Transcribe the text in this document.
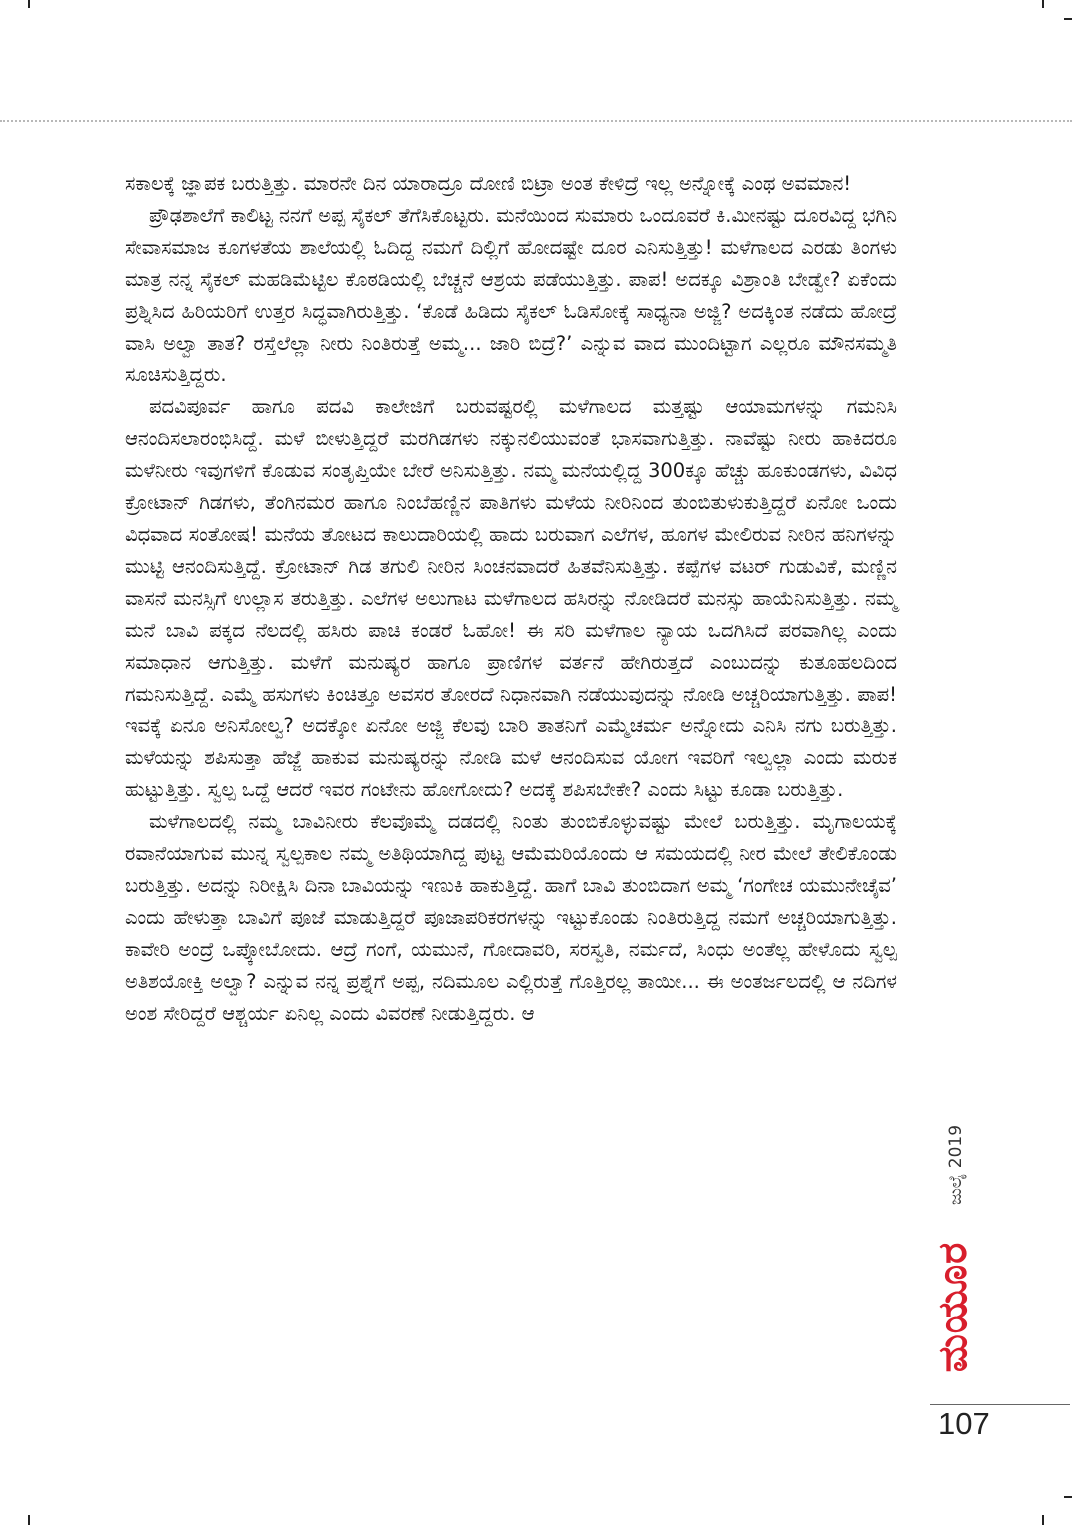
ಸಕಾಲಕ್ಕೆ ಜ್ಞಾಪಕ ಬರುತ್ತಿತ್ತು. ಮಾರನೇ ದಿನ ಯಾರಾದ್ರೂ ದೋಣಿ ಬಿಟ್ರಾ ಅಂತ ಕೇಳಿದ್ರೆ ಇಲ್ಲ ಅನ್ನೋಕ್ಕೆ ಎಂಥ ಅವಮಾನ!

ಪ್ರೌಢಶಾಲೆಗೆ ಕಾಲಿಟ್ಟ ನನಗೆ ಅಪ್ಪ ಸೈಕಲ್ ತೆಗೆಸಿಕೊಟ್ಟರು. ಮನೆಯಿಂದ ಸುಮಾರು ಒಂದೂವರೆ ಕಿ.ಮೀನಷ್ಟು ದೂರವಿದ್ದ ಭಗಿನಿ ಸೇವಾಸಮಾಜ ಕೂಗಳತೆಯ ಶಾಲೆಯಲ್ಲಿ ಓದಿದ್ದ ನಮಗೆ ದಿಲ್ಲಿಗೆ ಹೋದಷ್ಟೇ ದೂರ ಎನಿಸುತ್ತಿತ್ತು! ಮಳೆಗಾಲದ ಎರಡು ತಿಂಗಳು ಮಾತ್ರ ನನ್ನ ಸೈಕಲ್ ಮಹಡಿಮೆಟ್ಟಿಲ ಕೊಠಡಿಯಲ್ಲಿ ಬೆಚ್ಚನೆ ಆಶ್ರಯ ಪಡೆಯುತ್ತಿತ್ತು. ಪಾಪ! ಅದಕ್ಕೂ ವಿಶ್ರಾಂತಿ ಬೇಡ್ವೇ? ಏಕೆಂದು ಪ್ರಶ್ನಿಸಿದ ಹಿರಿಯರಿಗೆ ಉತ್ತರ ಸಿದ್ಧವಾಗಿರುತ್ತಿತ್ತು. ‘ಕೊಡೆ ಹಿಡಿದು ಸೈಕಲ್ ಓಡಿಸೋಕ್ಕೆ ಸಾಧ್ಯನಾ ಅಜ್ಜಿ? ಅದಕ್ಕಿಂತ ನಡೆದು ಹೋದ್ರೆ ವಾಸಿ ಅಲ್ವಾ ತಾತ? ರಸ್ತೆಲೆಲ್ಲಾ ನೀರು ನಿಂತಿರುತ್ತೆ ಅಮ್ಮ... ಜಾರಿ ಬಿದ್ರೆ?’ ಎನ್ನುವ ವಾದ ಮುಂದಿಟ್ಟಾಗ ಎಲ್ಲರೂ ಮೌನಸಮ್ಮತಿ ಸೂಚಿಸುತ್ತಿದ್ದರು.

ಪದವಿಪೂರ್ವ ಹಾಗೂ ಪದವಿ ಕಾಲೇಜಿಗೆ ಬರುವಷ್ಟರಲ್ಲಿ ಮಳೆಗಾಲದ ಮತ್ತಷ್ಟು ಆಯಾಮಗಳನ್ನು ಗಮನಿಸಿ ಆನಂದಿಸಲಾರಂಭಿಸಿದ್ದೆ. ಮಳೆ ಬೀಳುತ್ತಿದ್ದರೆ ಮರಗಿಡಗಳು ನಕ್ಕುನಲಿಯುವಂತೆ ಭಾಸವಾಗುತ್ತಿತ್ತು. ನಾವೆಷ್ಟು ನೀರು ಹಾಕಿದರೂ ಮಳೆನೀರು ಇವುಗಳಿಗೆ ಕೊಡುವ ಸಂತೃಪ್ತಿಯೇ ಬೇರೆ ಅನಿಸುತ್ತಿತ್ತು. ನಮ್ಮ ಮನೆಯಲ್ಲಿದ್ದ 300ಕ್ಕೂ ಹೆಚ್ಚು ಹೂಕುಂಡಗಳು, ವಿವಿಧ ಕ್ರೋಟಾನ್ ಗಿಡಗಳು, ತೆಂಗಿನಮರ ಹಾಗೂ ನಿಂಬೆಹಣ್ಣಿನ ಪಾತಿಗಳು ಮಳೆಯ ನೀರಿನಿಂದ ತುಂಬಿತುಳುಕುತ್ತಿದ್ದರೆ ಏನೋ ಒಂದು ವಿಧವಾದ ಸಂತೋಷ! ಮನೆಯ ತೋಟದ ಕಾಲುದಾರಿಯಲ್ಲಿ ಹಾದು ಬರುವಾಗ ಎಲೆಗಳ, ಹೂಗಳ ಮೇಲಿರುವ ನೀರಿನ ಹನಿಗಳನ್ನು ಮುಟ್ಟಿ ಆನಂದಿಸುತ್ತಿದ್ದೆ. ಕ್ರೋಟಾನ್ ಗಿಡ ತಗುಲಿ ನೀರಿನ ಸಿಂಚನವಾದರೆ ಹಿತವೆನಿಸುತ್ತಿತ್ತು. ಕಪ್ಪೆಗಳ ವಟರ್ ಗುಡುವಿಕೆ, ಮಣ್ಣಿನ ವಾಸನೆ ಮನಸ್ಸಿಗೆ ಉಲ್ಲಾಸ ತರುತ್ತಿತ್ತು. ಎಲೆಗಳ ಅಲುಗಾಟ ಮಳೆಗಾಲದ ಹಸಿರನ್ನು ನೋಡಿದರೆ ಮನಸ್ಸು ಹಾಯೆನಿಸುತ್ತಿತ್ತು. ನಮ್ಮ ಮನೆ ಬಾವಿ ಪಕ್ಕದ ನೆಲದಲ್ಲಿ ಹಸಿರು ಪಾಚಿ ಕಂಡರೆ ಓಹೋ! ಈ ಸರಿ ಮಳೆಗಾಲ ನ್ಯಾಯ ಒದಗಿಸಿದೆ ಪರವಾಗಿಲ್ಲ ಎಂದು ಸಮಾಧಾನ ಆಗುತ್ತಿತ್ತು. ಮಳೆಗೆ ಮನುಷ್ಯರ ಹಾಗೂ ಪ್ರಾಣಿಗಳ ವರ್ತನೆ ಹೇಗಿರುತ್ತದೆ ಎಂಬುದನ್ನು ಕುತೂಹಲದಿಂದ ಗಮನಿಸುತ್ತಿದ್ದೆ. ಎಮ್ಮೆ ಹಸುಗಳು ಕಿಂಚಿತ್ತೂ ಅವಸರ ತೋರದೆ ನಿಧಾನವಾಗಿ ನಡೆಯುವುದನ್ನು ನೋಡಿ ಅಚ್ಚರಿಯಾಗುತ್ತಿತ್ತು. ಪಾಪ! ಇವಕ್ಕೆ ಏನೂ ಅನಿಸೋಲ್ವ? ಅದಕ್ಕೋ ಏನೋ ಅಜ್ಜಿ ಕೆಲವು ಬಾರಿ ತಾತನಿಗೆ ಎಮ್ಮೆಚರ್ಮ ಅನ್ನೋದು ಎನಿಸಿ ನಗು ಬರುತ್ತಿತ್ತು. ಮಳೆಯನ್ನು ಶಪಿಸುತ್ತಾ ಹೆಜ್ಜೆ ಹಾಕುವ ಮನುಷ್ಯರನ್ನು ನೋಡಿ ಮಳೆ ಆನಂದಿಸುವ ಯೋಗ ಇವರಿಗೆ ಇಲ್ವಲ್ಲಾ ಎಂದು ಮರುಕ ಹುಟ್ಟುತ್ತಿತ್ತು. ಸ್ವಲ್ಪ ಒದ್ದೆ ಆದರೆ ಇವರ ಗಂಟೇನು ಹೋಗೋದು? ಅದಕ್ಕೆ ಶಪಿಸಬೇಕೇ? ಎಂದು ಸಿಟ್ಟು ಕೂಡಾ ಬರುತ್ತಿತ್ತು.

ಮಳೆಗಾಲದಲ್ಲಿ ನಮ್ಮ ಬಾವಿನೀರು ಕೆಲವೊಮ್ಮೆ ದಡದಲ್ಲಿ ನಿಂತು ತುಂಬಿಕೊಳ್ಳುವಷ್ಟು ಮೇಲೆ ಬರುತ್ತಿತ್ತು. ಮೃಗಾಲಯಕ್ಕೆ ರವಾನೆಯಾಗುವ ಮುನ್ನ ಸ್ವಲ್ಪಕಾಲ ನಮ್ಮ ಅತಿಥಿಯಾಗಿದ್ದ ಪುಟ್ಟ ಆಮೆಮರಿಯೊಂದು ಆ ಸಮಯದಲ್ಲಿ ನೀರ ಮೇಲೆ ತೇಲಿಕೊಂಡು ಬರುತ್ತಿತ್ತು. ಅದನ್ನು ನಿರೀಕ್ಷಿಸಿ ದಿನಾ ಬಾವಿಯನ್ನು ಇಣುಕಿ ಹಾಕುತ್ತಿದ್ದೆ. ಹಾಗೆ ಬಾವಿ ತುಂಬಿದಾಗ ಅಮ್ಮ ‘ಗಂಗೇಚ ಯಮುನೇಚೈವ’ ಎಂದು ಹೇಳುತ್ತಾ ಬಾವಿಗೆ ಪೂಜೆ ಮಾಡುತ್ತಿದ್ದರೆ ಪೂಜಾಪರಿಕರಗಳನ್ನು ಇಟ್ಟುಕೊಂಡು ನಿಂತಿರುತ್ತಿದ್ದ ನಮಗೆ ಅಚ್ಚರಿಯಾಗುತ್ತಿತ್ತು. ಕಾವೇರಿ ಅಂದ್ರೆ ಒಪ್ಕೋಬೋದು. ಆದ್ರೆ ಗಂಗೆ, ಯಮುನೆ, ಗೋದಾವರಿ, ಸರಸ್ವತಿ, ನರ್ಮದೆ, ಸಿಂಧು ಅಂತೆಲ್ಲ ಹೇಳೊದು ಸ್ವಲ್ಪ ಅತಿಶಯೋಕ್ತಿ ಅಲ್ವಾ? ಎನ್ನುವ ನನ್ನ ಪ್ರಶ್ನೆಗೆ ಅಪ್ಪ, ನದಿಮೂಲ ಎಲ್ಲಿರುತ್ತೆ ಗೊತ್ತಿರಲ್ಲ ತಾಯೀ... ಈ ಅಂತರ್ಜಲದಲ್ಲಿ ಆ ನದಿಗಳ ಅಂಶ ಸೇರಿದ್ದರೆ ಆಶ್ಚರ್ಯ ಏನಿಲ್ಲ ಎಂದು ವಿವರಣೆ ನೀಡುತ್ತಿದ್ದರು. ಆ

ಜುಲೈ 2019
ಮಯೂರ
107
